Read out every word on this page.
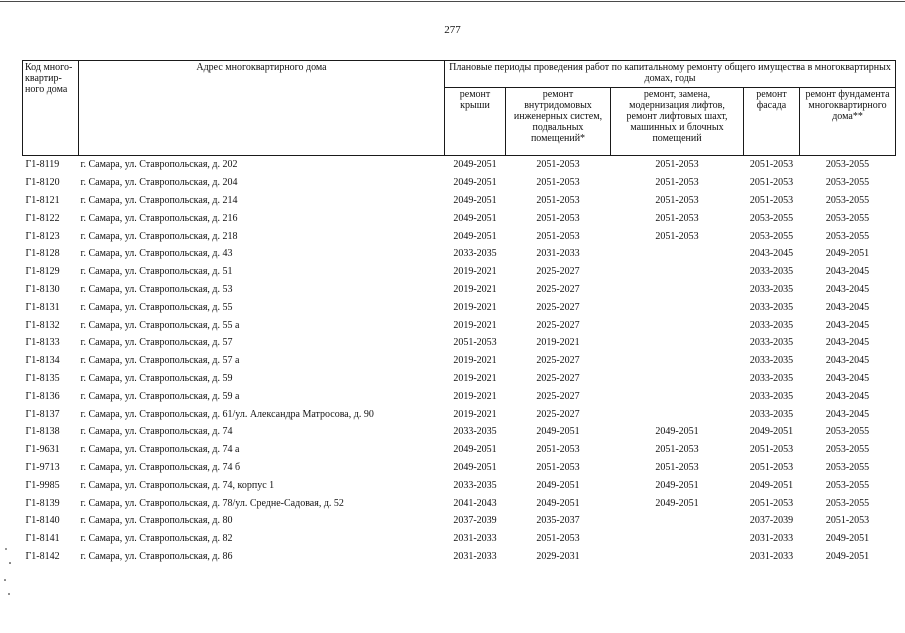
277
Код много-квартир-ного дома	Адрес многоквартирного дома	Плановые периоды проведения работ по капитальному ремонту общего имущества в многоквартирных домах, годы				
		ремонт крыши	ремонт внутридомовых инженерных систем, подвальных помещений*	ремонт, замена, модернизация лифтов, ремонт лифтовых шахт, машинных и блочных помещений	ремонт фасада	ремонт фундамента многоквартирного дома**
Г1-8119	г. Самара, ул. Ставропольская, д. 202	2049-2051	2051-2053	2051-2053	2051-2053	2053-2055
Г1-8120	г. Самара, ул. Ставропольская, д. 204	2049-2051	2051-2053	2051-2053	2051-2053	2053-2055
Г1-8121	г. Самара, ул. Ставропольская, д. 214	2049-2051	2051-2053	2051-2053	2051-2053	2053-2055
Г1-8122	г. Самара, ул. Ставропольская, д. 216	2049-2051	2051-2053	2051-2053	2053-2055	2053-2055
Г1-8123	г. Самара, ул. Ставропольская, д. 218	2049-2051	2051-2053	2051-2053	2053-2055	2053-2055
Г1-8128	г. Самара, ул. Ставропольская, д. 43	2033-2035	2031-2033		2043-2045	2049-2051
Г1-8129	г. Самара, ул. Ставропольская, д. 51	2019-2021	2025-2027		2033-2035	2043-2045
Г1-8130	г. Самара, ул. Ставропольская, д. 53	2019-2021	2025-2027		2033-2035	2043-2045
Г1-8131	г. Самара, ул. Ставропольская, д. 55	2019-2021	2025-2027		2033-2035	2043-2045
Г1-8132	г. Самара, ул. Ставропольская, д. 55 а	2019-2021	2025-2027		2033-2035	2043-2045
Г1-8133	г. Самара, ул. Ставропольская, д. 57	2051-2053	2019-2021		2033-2035	2043-2045
Г1-8134	г. Самара, ул. Ставропольская, д. 57 а	2019-2021	2025-2027		2033-2035	2043-2045
Г1-8135	г. Самара, ул. Ставропольская, д. 59	2019-2021	2025-2027		2033-2035	2043-2045
Г1-8136	г. Самара, ул. Ставропольская, д. 59 а	2019-2021	2025-2027		2033-2035	2043-2045
Г1-8137	г. Самара, ул. Ставропольская, д. 61/ул. Александра Матросова, д. 90	2019-2021	2025-2027		2033-2035	2043-2045
Г1-8138	г. Самара, ул. Ставропольская, д. 74	2033-2035	2049-2051	2049-2051	2049-2051	2053-2055
Г1-9631	г. Самара, ул. Ставропольская, д. 74 а	2049-2051	2051-2053	2051-2053	2051-2053	2053-2055
Г1-9713	г. Самара, ул. Ставропольская, д. 74 б	2049-2051	2051-2053	2051-2053	2051-2053	2053-2055
Г1-9985	г. Самара, ул. Ставропольская, д. 74, корпус 1	2033-2035	2049-2051	2049-2051	2049-2051	2053-2055
Г1-8139	г. Самара, ул. Ставропольская, д. 78/ул. Средне-Садовая, д. 52	2041-2043	2049-2051	2049-2051	2051-2053	2053-2055
Г1-8140	г. Самара, ул. Ставропольская, д. 80	2037-2039	2035-2037		2037-2039	2051-2053
Г1-8141	г. Самара, ул. Ставропольская, д. 82	2031-2033	2051-2053		2031-2033	2049-2051
Г1-8142	г. Самара, ул. Ставропольская, д. 86	2031-2033	2029-2031		2031-2033	2049-2051
